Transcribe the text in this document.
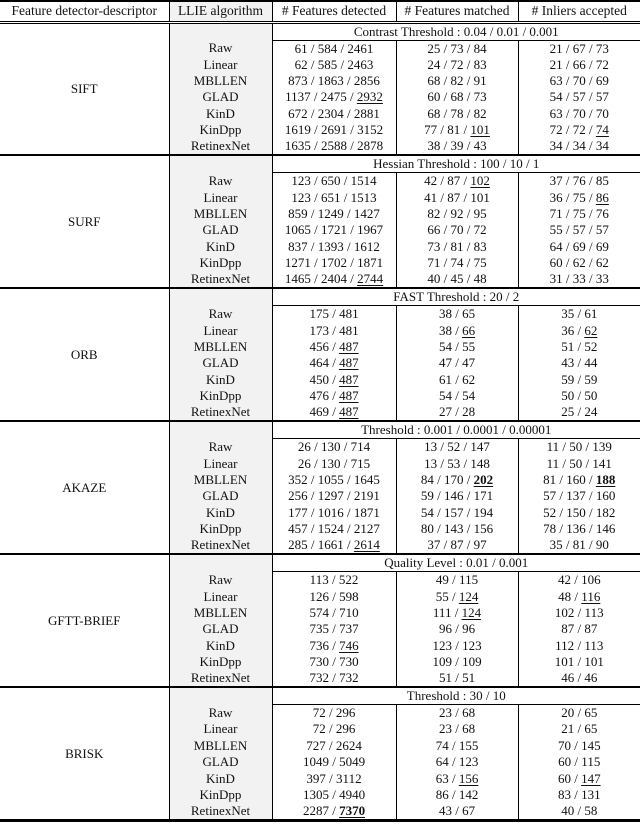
Feature detector-descriptor	LLIE algorithm	# Features detected	# Features matched	# Inliers accepted
SIFT		Contrast Threshold : 0.04 / 0.01 / 0.001		
	Raw	61 / 584 / 2461	25 / 73 / 84	21 / 67 / 73
	Linear	62 / 585 / 2463	24 / 72 / 83	21 / 66 / 72
	MBLLEN	873 / 1863 / 2856	68 / 82 / 91	63 / 70 / 69
	GLAD	1137 / 2475 / 2932	60 / 68 / 73	54 / 57 / 57
	KinD	672 / 2304 / 2881	68 / 78 / 82	63 / 70 / 70
	KinDpp	1619 / 2691 / 3152	77 / 81 / 101	72 / 72 / 74
	RetinexNet	1635 / 2588 / 2878	38 / 39 / 43	34 / 34 / 34
SURF		Hessian Threshold : 100 / 10 / 1		
	Raw	123 / 650 / 1514	42 / 87 / 102	37 / 76 / 85
	Linear	123 / 651 / 1513	41 / 87 / 101	36 / 75 / 86
	MBLLEN	859 / 1249 / 1427	82 / 92 / 95	71 / 75 / 76
	GLAD	1065 / 1721 / 1967	66 / 70 / 72	55 / 57 / 57
	KinD	837 / 1393 / 1612	73 / 81 / 83	64 / 69 / 69
	KinDpp	1271 / 1702 / 1871	71 / 74 / 75	60 / 62 / 62
	RetinexNet	1465 / 2404 / 2744	40 / 45 / 48	31 / 33 / 33
ORB		FAST Threshold : 20 / 2		
	Raw	175 / 481	38 / 65	35 / 61
	Linear	173 / 481	38 / 66	36 / 62
	MBLLEN	456 / 487	54 / 55	51 / 52
	GLAD	464 / 487	47 / 47	43 / 44
	KinD	450 / 487	61 / 62	59 / 59
	KinDpp	476 / 487	54 / 54	50 / 50
	RetinexNet	469 / 487	27 / 28	25 / 24
AKAZE		Threshold : 0.001 / 0.0001 / 0.00001		
	Raw	26 / 130 / 714	13 / 52 / 147	11 / 50 / 139
	Linear	26 / 130 / 715	13 / 53 / 148	11 / 50 / 141
	MBLLEN	352 / 1055 / 1645	84 / 170 / 202	81 / 160 / 188
	GLAD	256 / 1297 / 2191	59 / 146 / 171	57 / 137 / 160
	KinD	177 / 1016 / 1871	54 / 157 / 194	52 / 150 / 182
	KinDpp	457 / 1524 / 2127	80 / 143 / 156	78 / 136 / 146
	RetinexNet	285 / 1661 / 2614	37 / 87 / 97	35 / 81 / 90
GFTT-BRIEF		Quality Level : 0.01 / 0.001		
	Raw	113 / 522	49 / 115	42 / 106
	Linear	126 / 598	55 / 124	48 / 116
	MBLLEN	574 / 710	111 / 124	102 / 113
	GLAD	735 / 737	96 / 96	87 / 87
	KinD	736 / 746	123 / 123	112 / 113
	KinDpp	730 / 730	109 / 109	101 / 101
	RetinexNet	732 / 732	51 / 51	46 / 46
BRISK		Threshold : 30 / 10		
	Raw	72 / 296	23 / 68	20 / 65
	Linear	72 / 296	23 / 68	21 / 65
	MBLLEN	727 / 2624	74 / 155	70 / 145
	GLAD	1049 / 5049	64 / 123	60 / 115
	KinD	397 / 3112	63 / 156	60 / 147
	KinDpp	1305 / 4940	86 / 142	83 / 131
	RetinexNet	2287 / 7370	43 / 67	40 / 58
